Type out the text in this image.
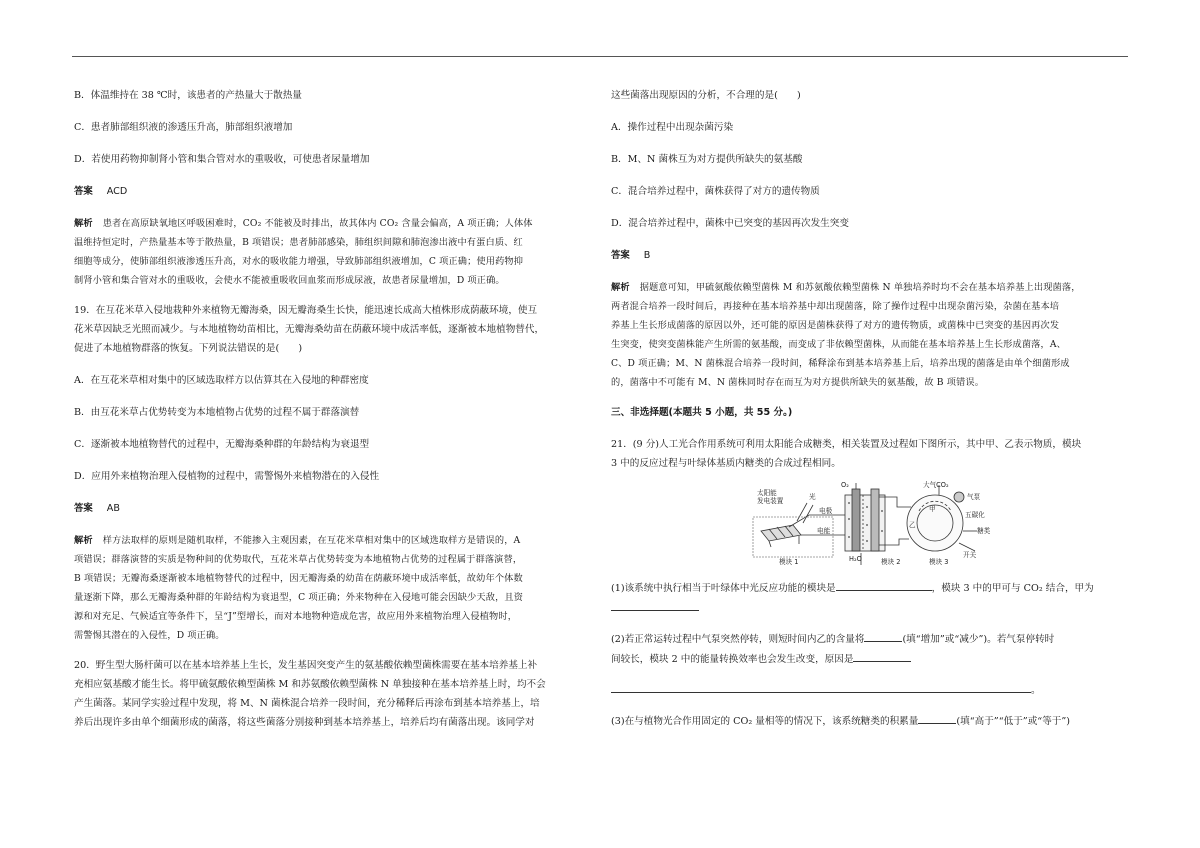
B．体温维持在 38 ℃时，该患者的产热量大于散热量

C．患者肺部组织液的渗透压升高，肺部组织液增加

D．若使用药物抑制肾小管和集合管对水的重吸收，可使患者尿量增加

答案 ACD

解析 患者在高原缺氧地区呼吸困难时，CO₂ 不能被及时排出，故其体内 CO₂ 含量会偏高，A 项正确；人体体
温维持恒定时，产热量基本等于散热量，B 项错误；患者肺部感染，肺组织间隙和肺泡渗出液中有蛋白质、红
细胞等成分，使肺部组织液渗透压升高，对水的吸收能力增强，导致肺部组织液增加，C 项正确；使用药物抑
制肾小管和集合管对水的重吸收，会使水不能被重吸收回血浆而形成尿液，故患者尿量增加，D 项正确。
19．在互花米草入侵地栽种外来植物无瓣海桑，因无瓣海桑生长快，能迅速长成高大植株形成荫蔽环境，使互
花米草因缺乏光照而减少。与本地植物幼苗相比，无瓣海桑幼苗在荫蔽环境中成活率低，逐渐被本地植物替代，
促进了本地植物群落的恢复。下列说法错误的是(　　)

A．在互花米草相对集中的区域选取样方以估算其在入侵地的种群密度

B．由互花米草占优势转变为本地植物占优势的过程不属于群落演替

C．逐渐被本地植物替代的过程中，无瓣海桑种群的年龄结构为衰退型

D．应用外来植物治理入侵植物的过程中，需警惕外来植物潜在的入侵性

答案 AB

解析 样方法取样的原则是随机取样，不能掺入主观因素，在互花米草相对集中的区域选取样方是错误的，A
项错误；群落演替的实质是物种间的优势取代，互花米草占优势转变为本地植物占优势的过程属于群落演替，
B 项错误；无瓣海桑逐渐被本地植物替代的过程中，因无瓣海桑的幼苗在荫蔽环境中成活率低，故幼年个体数
量逐渐下降，那么无瓣海桑种群的年龄结构为衰退型，C 项正确；外来物种在入侵地可能会因缺少天敌，且资
源和对充足、气候适宜等条件下，呈“J”型增长，而对本地物种造成危害，故应用外来植物治理入侵植物时，
需警惕其潜在的入侵性，D 项正确。
20．野生型大肠杆菌可以在基本培养基上生长，发生基因突变产生的氨基酸依赖型菌株需要在基本培养基上补
充相应氨基酸才能生长。将甲硫氨酸依赖型菌株 M 和苏氨酸依赖型菌株 N 单独接种在基本培养基上时，均不会
产生菌落。某同学实验过程中发现，将 M、N 菌株混合培养一段时间，充分稀释后再涂布到基本培养基上，培
养后出现许多由单个细菌形成的菌落，将这些菌落分别接种到基本培养基上，培养后均有菌落出现。该同学对

这些菌落出现原因的分析，不合理的是(　　)

A．操作过程中出现杂菌污染

B．M、N 菌株互为对方提供所缺失的氨基酸

C．混合培养过程中，菌株获得了对方的遗传物质

D．混合培养过程中，菌株中已突变的基因再次发生突变

答案 B

解析 据题意可知，甲硫氨酸依赖型菌株 M 和苏氨酸依赖型菌株 N 单独培养时均不会在基本培养基上出现菌落，
两者混合培养一段时间后，再接种在基本培养基中却出现菌落，除了操作过程中出现杂菌污染，杂菌在基本培
养基上生长形成菌落的原因以外，还可能的原因是菌株获得了对方的遗传物质，或菌株中已突变的基因再次发
生突变，使突变菌株能产生所需的氨基酸，而变成了非依赖型菌株，从而能在基本培养基上生长形成菌落，A、
C、D 项正确；M、N 菌株混合培养一段时间，稀释涂布到基本培养基上后，培养出现的菌落是由单个细菌形成
的，菌落中不可能有 M、N 菌株同时存在而互为对方提供所缺失的氨基酸，故 B 项错误。

三、非选择题(本题共 5 小题，共 55 分。)

21．(9 分)人工光合作用系统可利用太阳能合成糖类，相关装置及过程如下图所示，其中甲、乙表示物质，模块
3 中的反应过程与叶绿体基质内糖类的合成过程相同。
太阳能
发电装置	光
电极
O₂
电能
H₂O
大气CO₂
气泵
甲
乙
五碳化
糖类
开关
模块 1	模块 2	模块 3

(1)该系统中执行相当于叶绿体中光反应功能的模块是	，模块 3 中的甲可与 CO₂ 结合，甲为

(2)若正常运转过程中气泵突然停转，则短时间内乙的含量将	(填“增加”或“减少”)。若气泵停转时

间较长，模块 2 中的能量转换效率也会发生改变，原因是

。

(3)在与植物光合作用固定的 CO₂ 量相等的情况下，该系统糖类的积累量	(填“高于”“低于”或“等于”)
